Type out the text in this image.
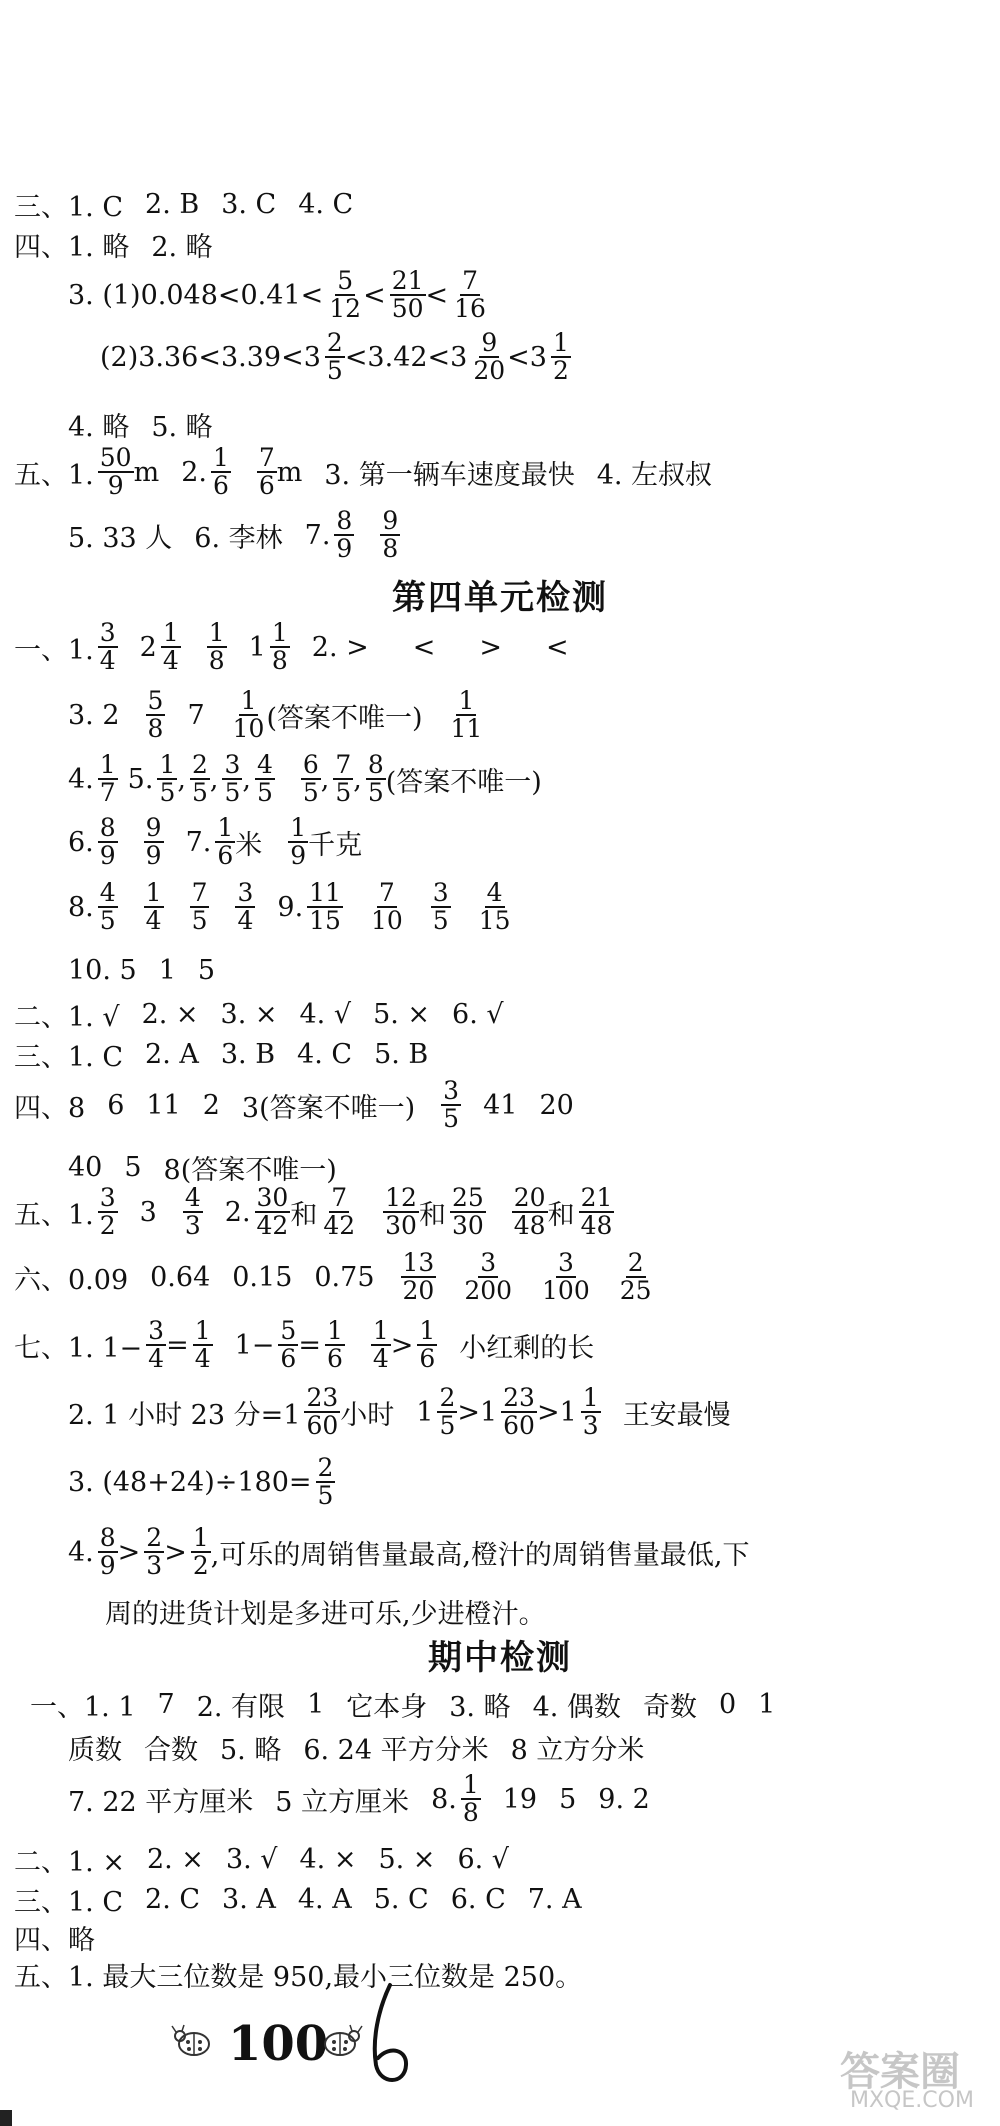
三、1. C 2. B 3. C 4. C
四、1. 略 2. 略
3. $(1)0.048<0.41< \frac{5}{12} < \frac{21}{50} < \frac{7}{16}$
$(2)3.36<3.39<3 \frac{2}{5} <3.42<3 \frac{9}{20} <3 \frac{1}{2}$
4. 略 5. 略
五、1. $\frac{50}{9}$ m 2. $\frac{1}{6} \frac{7}{6}$ m 3. 第一辆车速度最快 4. 左叔叔
5. 33 人 6. 李林 7. $\frac{8}{9} \frac{9}{8}$
第四单元检测
一、1. $\frac{3}{4} 2 \frac{1}{4} \frac{1}{8} 1 \frac{1}{8} 2$. > < > <
3. $2 \frac{5}{8} 7 \frac{1}{10}$ (答案不唯一) $\frac{1}{11}$
4. $\frac{1}{7} 5$. $\frac{1}{5}$ , $\frac{2}{5}$ , $\frac{3}{5}$ , $\frac{4}{5} \frac{6}{5}$ , $\frac{7}{5}$ , $\frac{8}{5}$ (答案不唯一)
6. $\frac{8}{9} \frac{9}{9} 7$. $\frac{1}{6}$ 米 $\frac{1}{9}$ 千克
8. $\frac{4}{5} \frac{1}{4} \frac{7}{5} \frac{3}{4} 9$. $\frac{11}{15} \frac{7}{10} \frac{3}{5} \frac{4}{15}$
10. 5 1 5
二、1. √ 2. × 3. × 4. √ 5. × 6. √
三、1. C 2. A 3. B 4. C 5. B
四、8 6 11 2 3(答案不唯一) $\frac{3}{5} 41$ 20
40 5 8(答案不唯一)
五、1. $\frac{3}{2} 3 \frac{4}{3} 2$. $\frac{30}{42}$ 和 $\frac{7}{42} \frac{12}{30}$ 和 $\frac{25}{30} \frac{20}{48}$ 和 $\frac{21}{48}$
六、0.09 0.64 0.15 $0.75 \frac{13}{20} \frac{3}{200} \frac{3}{100} \frac{2}{25}$
七、1. $1- \frac{3}{4} = \frac{1}{4} 1- \frac{5}{6} = \frac{1}{6} \frac{1}{4} > \frac{1}{6}$ 小红剩的长
2. 1 小时 23 分$=1 \frac{23}{60}$ 小时 $1 \frac{2}{5} >1 \frac{23}{60} >1 \frac{1}{3}$ 王安最慢
3. $(48+24)\div 180= \frac{2}{5}$
4. $\frac{8}{9} > \frac{2}{3} > \frac{1}{2}$ ,可乐的周销售量最高,橙汁的周销售量最低,下
周的进货计划是多进可乐,少进橙汁。
期中检测
一、1. 1 7 2. 有限 1 它本身 3. 略 4. 偶数 奇数 0 1
质数 合数 5. 略 6. 24 平方分米 8 立方分米
7. 22 平方厘米 5 立方厘米 8. $\frac{1}{8} 19$ 5 9. 2
二、1. × 2. × 3. √ 4. × 5. × 6. √
三、1. C 2. C 3. A 4. A 5. C 6. C 7. A
四、略
五、1. 最大三位数是 950,最小三位数是 250。
100	答案圈
MXQE.COM
